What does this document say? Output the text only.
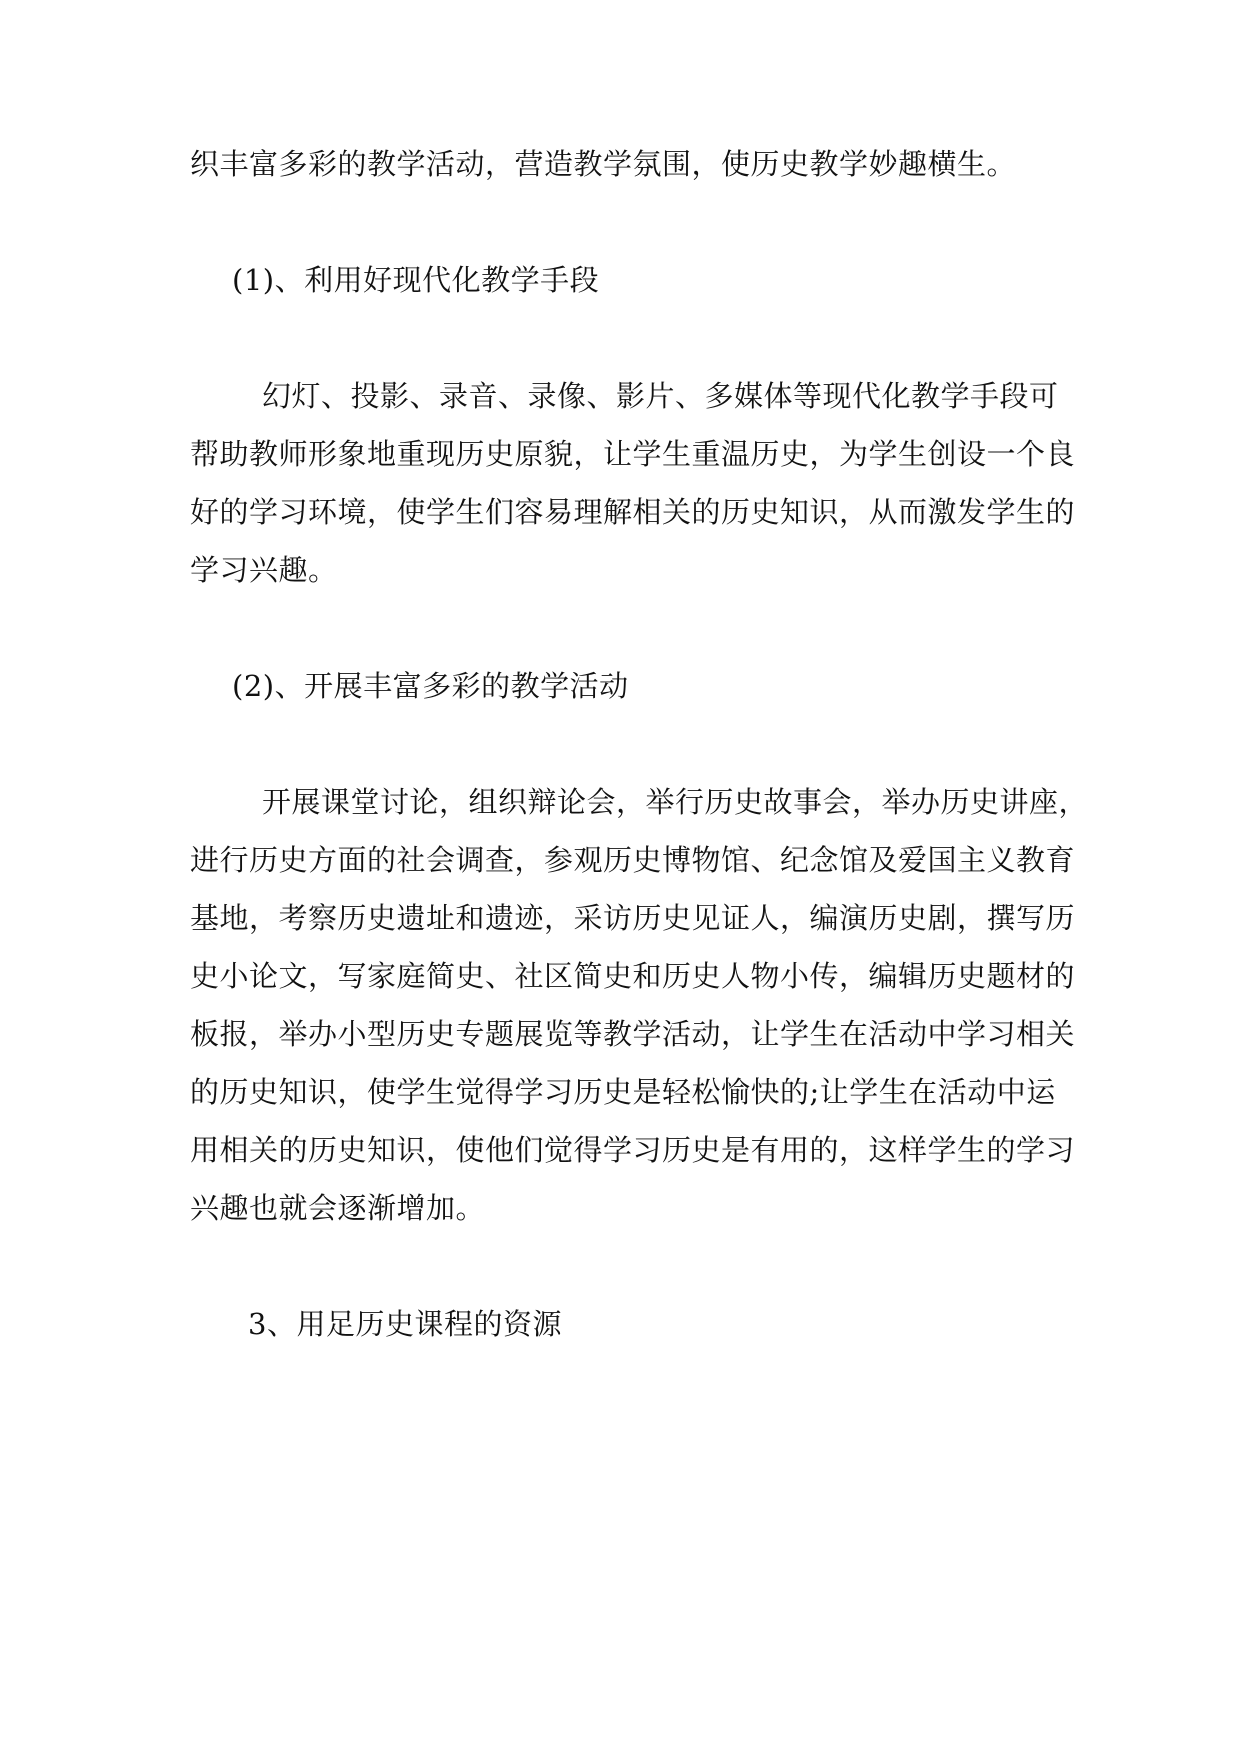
织丰富多彩的教学活动，营造教学氛围，使历史教学妙趣横生。
(1)、利用好现代化教学手段
幻灯、投影、录音、录像、影片、多媒体等现代化教学手段可
帮助教师形象地重现历史原貌，让学生重温历史，为学生创设一个良
好的学习环境，使学生们容易理解相关的历史知识，从而激发学生的
学习兴趣。
(2)、开展丰富多彩的教学活动
开展课堂讨论，组织辩论会，举行历史故事会，举办历史讲座，
进行历史方面的社会调查，参观历史博物馆、纪念馆及爱国主义教育
基地，考察历史遗址和遗迹，采访历史见证人，编演历史剧，撰写历
史小论文，写家庭简史、社区简史和历史人物小传，编辑历史题材的
板报，举办小型历史专题展览等教学活动，让学生在活动中学习相关
的历史知识，使学生觉得学习历史是轻松愉快的;让学生在活动中运
用相关的历史知识，使他们觉得学习历史是有用的，这样学生的学习
兴趣也就会逐渐增加。
3、用足历史课程的资源
